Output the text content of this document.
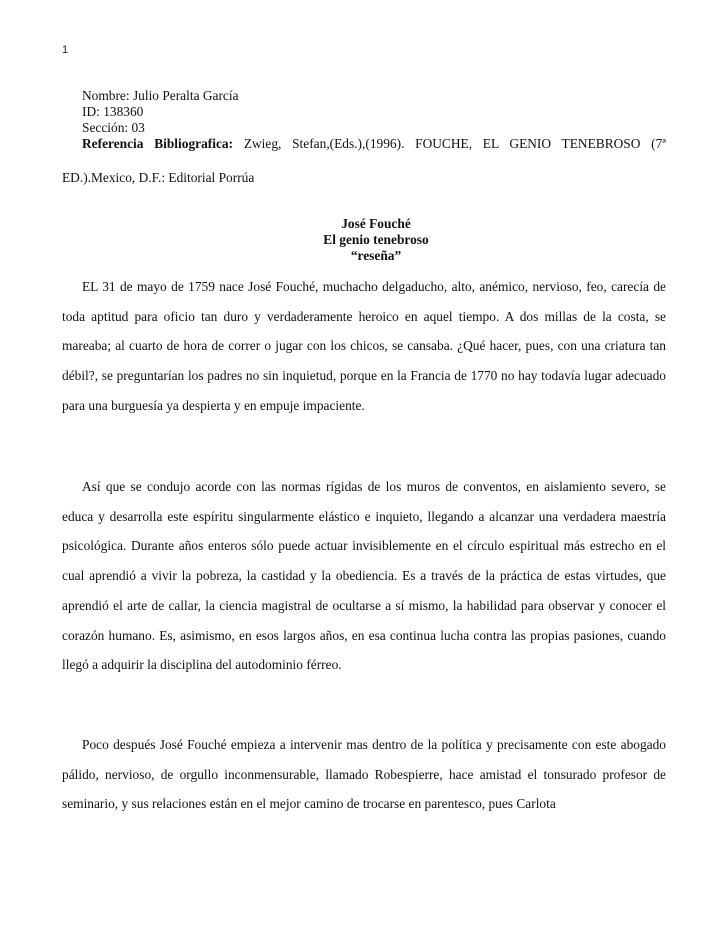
1
Nombre: Julio Peralta García
ID: 138360
Sección: 03
Referencia Bibliografica: Zwieg, Stefan,(Eds.),(1996). FOUCHE, EL GENIO TENEBROSO (7ª
ED.).Mexico, D.F.: Editorial Porrúa
José Fouché
El genio tenebroso
“reseña”

EL 31 de mayo de 1759 nace José Fouché, muchacho delgaducho, alto, anémico, nervioso, feo, carecía de toda aptitud para oficio tan duro y verdaderamente heroico en aquel tiempo. A dos millas de la costa, se mareaba; al cuarto de hora de correr o jugar con los chicos, se cansaba. ¿Qué hacer, pues, con una criatura tan débil?, se preguntarían los padres no sin inquietud, porque en la Francia de 1770 no hay todavía lugar adecuado para una burguesía ya despierta y en empuje impaciente.

Así que se condujo acorde con las normas rígidas de los muros de conventos, en aislamiento severo, se educa y desarrolla este espíritu singularmente elástico e inquieto, llegando a alcanzar una verdadera maestría psicológica. Durante años enteros sólo puede actuar invisiblemente en el círculo espiritual más estrecho en el cual aprendió a vivir la pobreza, la castidad y la obediencia. Es a través de la práctica de estas virtudes, que aprendió el arte de callar, la ciencia magistral de ocultarse a sí mismo, la habilidad para observar y conocer el corazón humano. Es, asimismo, en esos largos años, en esa continua lucha contra las propias pasiones, cuando llegó a adquirir la disciplina del autodominio férreo.

Poco después José Fouché empieza a intervenir mas dentro de la política y precisamente con este abogado pálido, nervioso, de orgullo inconmensurable, llamado Robespierre, hace amistad el tonsurado profesor de seminario, y sus relaciones están en el mejor camino de trocarse en parentesco, pues Carlota
